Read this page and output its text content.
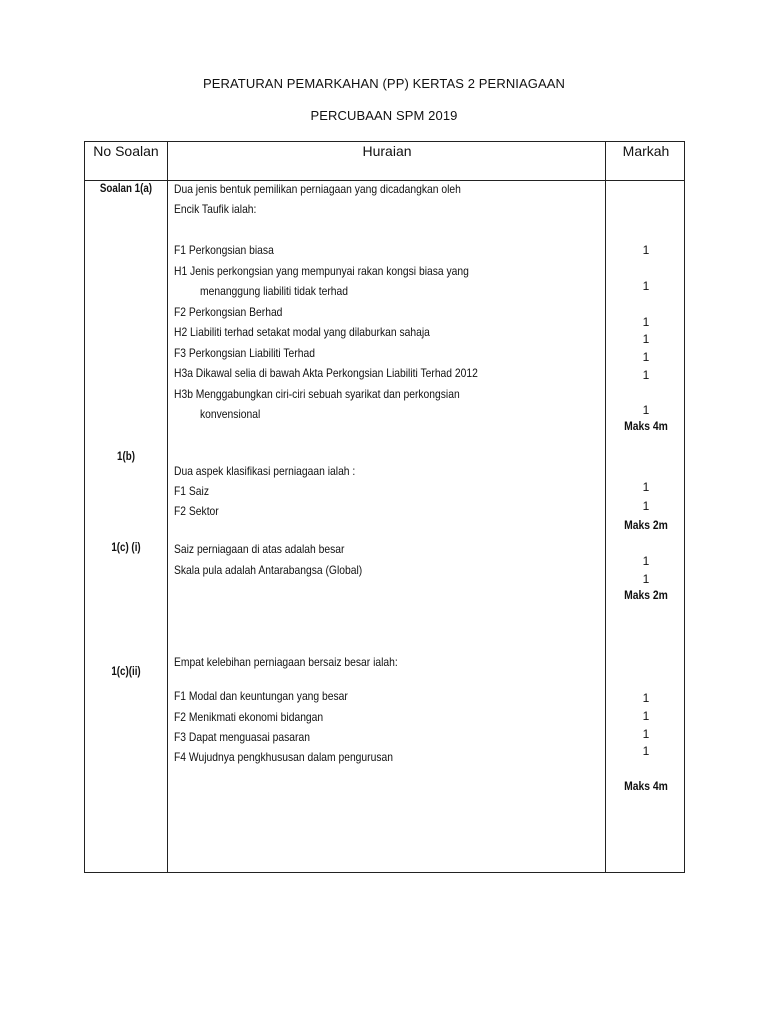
PERATURAN PEMARKAHAN (PP) KERTAS 2 PERNIAGAAN
PERCUBAAN SPM 2019
No Soalan	Huraian	Markah
Soalan 1(a)
1(b)
1(c) (i)
1(c)(ii)
Dua jenis bentuk pemilikan perniagaan yang dicadangkan oleh
Encik Taufik ialah:
F1 Perkongsian biasa
H1 Jenis perkongsian yang mempunyai rakan kongsi biasa yang
menanggung liabiliti tidak terhad
F2 Perkongsian Berhad
H2 Liabiliti terhad setakat modal yang dilaburkan sahaja
F3 Perkongsian Liabiliti Terhad
H3a Dikawal selia di bawah Akta Perkongsian Liabiliti Terhad 2012
H3b Menggabungkan ciri-ciri sebuah syarikat dan perkongsian
konvensional
1
1
1
1
1
1
1
Maks 4m
Dua aspek klasifikasi perniagaan ialah :
F1 Saiz
F2 Sektor
1
1
Maks 2m
Saiz perniagaan di atas adalah besar
Skala pula adalah Antarabangsa (Global)
1
1
Maks 2m
Empat kelebihan perniagaan bersaiz besar ialah:
F1 Modal dan keuntungan yang besar
F2 Menikmati ekonomi bidangan
F3 Dapat menguasai pasaran
F4 Wujudnya pengkhususan dalam pengurusan
1
1
1
1
Maks 4m
